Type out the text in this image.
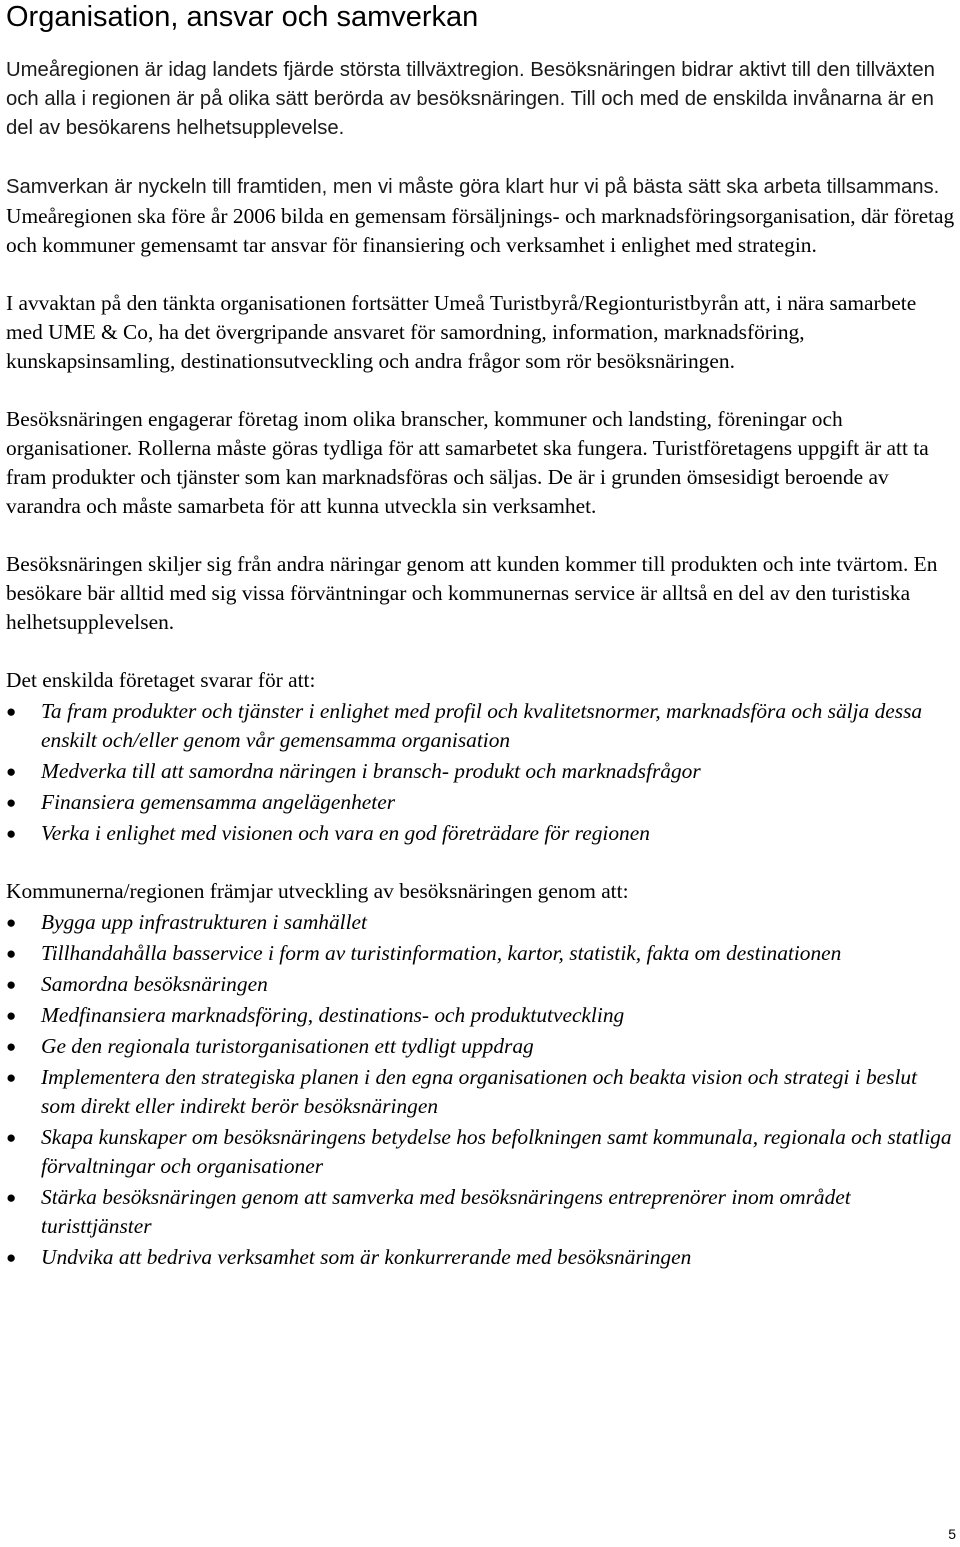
Organisation, ansvar och samverkan

Umeåregionen är idag landets fjärde största tillväxtregion. Besöksnäringen bidrar aktivt till den tillväxten och alla i regionen är på olika sätt berörda av besöksnäringen. Till och med de enskilda invånarna är en del av besökarens helhetsupplevelse.

Samverkan är nyckeln till framtiden, men vi måste göra klart hur vi på bästa sätt ska arbeta tillsammans. Umeåregionen ska före år 2006 bilda en gemensam försäljnings- och marknadsföringsorganisation, där företag och kommuner gemensamt tar ansvar för finansiering och verksamhet i enlighet med strategin.

I avvaktan på den tänkta organisationen fortsätter Umeå Turistbyrå/Regionturistbyrån att, i nära samarbete med UME & Co, ha det övergripande ansvaret för samordning, information, marknadsföring, kunskapsinsamling, destinationsutveckling och andra frågor som rör besöksnäringen.

Besöksnäringen engagerar företag inom olika branscher, kommuner och landsting, föreningar och organisationer. Rollerna måste göras tydliga för att samarbetet ska fungera. Turistföretagens uppgift är att ta fram produkter och tjänster som kan marknadsföras och säljas. De är i grunden ömsesidigt beroende av varandra och måste samarbeta för att kunna utveckla sin verksamhet.

Besöksnäringen skiljer sig från andra näringar genom att kunden kommer till produkten och inte tvärtom. En besökare bär alltid med sig vissa förväntningar och kommunernas service är alltså en del av den turistiska helhetsupplevelsen.

Det enskilda företaget svarar för att:

● Ta fram produkter och tjänster i enlighet med profil och kvalitetsnormer, marknadsföra och sälja dessa enskilt och/eller genom vår gemensamma organisation
● Medverka till att samordna näringen i bransch- produkt och marknadsfrågor
● Finansiera gemensamma angelägenheter
● Verka i enlighet med visionen och vara en god företrädare för regionen

Kommunerna/regionen främjar utveckling av besöksnäringen genom att:

● Bygga upp infrastrukturen i samhället
● Tillhandahålla basservice i form av turistinformation, kartor, statistik, fakta om destinationen
● Samordna besöksnäringen
● Medfinansiera marknadsföring, destinations- och produktutveckling
● Ge den regionala turistorganisationen ett tydligt uppdrag
● Implementera den strategiska planen i den egna organisationen och beakta vision och strategi i beslut som direkt eller indirekt berör besöksnäringen
● Skapa kunskaper om besöksnäringens betydelse hos befolkningen samt kommunala, regionala och statliga förvaltningar och organisationer
● Stärka besöksnäringen genom att samverka med besöksnäringens entreprenörer inom området turisttjänster
● Undvika att bedriva verksamhet som är konkurrerande med besöksnäringen
5
